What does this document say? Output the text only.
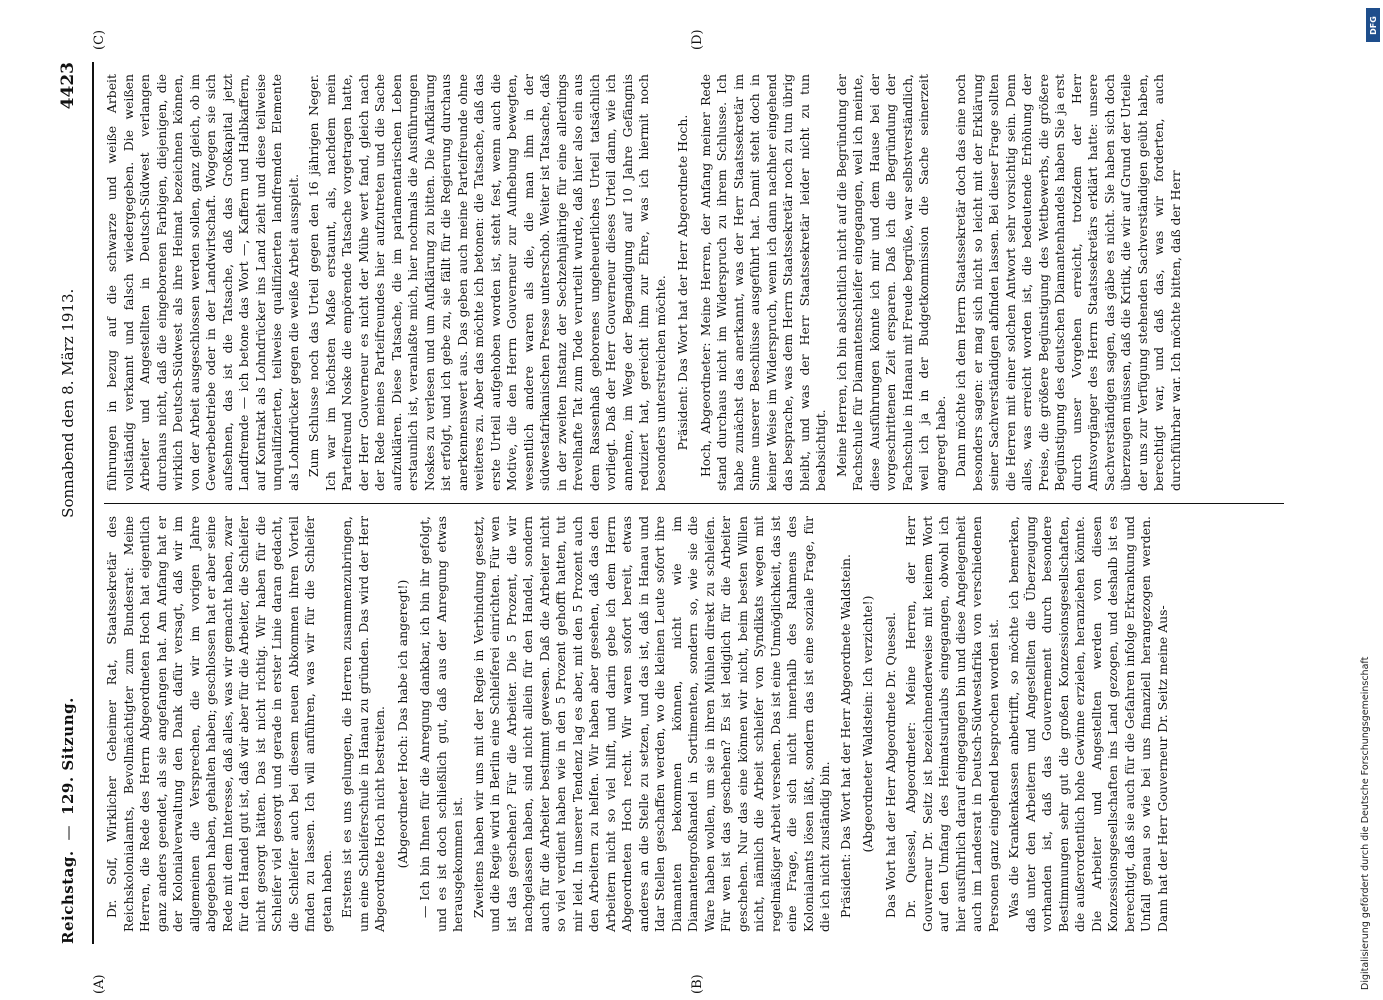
Reichstag.—129. Sitzung.
Sonnabend den 8. März 1913.
4423

Dr. Solf, Wirklicher Geheimer Rat, Staatssekretär des Reichskolonialamts, Bevollmächtigter zum Bundesrat: Meine Herren, die Rede des Herrn Abgeordneten Hoch hat eigentlich ganz anders geendet, als sie angefangen hat. Am Anfang hat er der Kolonialverwaltung den Dank dafür versagt, daß wir im allgemeinen die Versprechen, die wir im vorigen Jahre abgegeben haben, gehalten haben; geschlossen hat er aber seine Rede mit dem Interesse, daß alles, was wir gemacht haben, zwar für den Handel gut ist, daß wir aber für die Arbeiter, die Schleifer nicht gesorgt hätten. Das ist nicht richtig. Wir haben für die Schleifer viel gesorgt und gerade in erster Linie daran gedacht, die Schleifer auch bei diesem neuen Abkommen ihren Vorteil finden zu lassen. Ich will anführen, was wir für die Schleifer getan haben. Erstens ist es uns gelungen, die Herren zusammenzubringen, um eine Schleiferschule in Hanau zu gründen. Das wird der Herr Abgeordnete Hoch nicht bestreiten. (Abgeordneter Hoch: Das habe ich angeregt!) — Ich bin Ihnen für die Anregung dankbar, ich bin ihr gefolgt, und es ist doch schließlich gut, daß aus der Anregung etwas herausgekommen ist. Zweitens haben wir uns mit der Regie in Verbindung gesetzt, und die Regie wird in Berlin eine Schleiferei einrichten. Für wen ist das geschehen? Für die Arbeiter. Die 5 Prozent, die wir nachgelassen haben, sind nicht allein für den Handel, sondern auch für die Arbeiter bestimmt gewesen. Daß die Arbeiter nicht so viel verdient haben wie in den 5 Prozent gehofft hatten, tut mir leid. In unserer Tendenz lag es aber, mit den 5 Prozent auch den Arbeitern zu helfen. Wir haben aber gesehen, daß das den Arbeitern nicht so viel hilft, und darin gebe ich dem Herrn Abgeordneten Hoch recht. Wir waren sofort bereit, etwas anderes an die Stelle zu setzen, und das ist, daß in Hanau und Idar Stellen geschaffen werden, wo die kleinen Leute sofort ihre Diamanten bekommen können, nicht wie im Diamantengroßhandel in Sortimenten, sondern so, wie sie die Ware haben wollen, um sie in ihren Mühlen direkt zu schleifen. Für wen ist das geschehen? Es ist lediglich für die Arbeiter geschehen. Nur das eine können wir nicht, beim besten Willen nicht, nämlich die Arbeit schleifer von Syndikats wegen mit regelmäßiger Arbeit versehen. Das ist eine Unmöglichkeit, das ist eine Frage, die sich nicht innerhalb des Rahmens des Kolonialamts lösen läßt, sondern das ist eine soziale Frage, für die ich nicht zuständig bin. Präsident: Das Wort hat der Herr Abgeordnete Waldstein. (Abgeordneter Waldstein: Ich verzichte!) Das Wort hat der Herr Abgeordnete Dr. Quessel. Dr. Quessel, Abgeordneter: Meine Herren, der Herr Gouverneur Dr. Seitz ist bezeichnenderweise mit keinem Wort auf den Umfang des Heimatsurlaubs eingegangen, obwohl ich hier ausführlich darauf eingegangen bin und diese Angelegenheit auch im Landesrat in Deutsch-Südwestafrika von verschiedenen Personen ganz eingehend besprochen worden ist. Was die Krankenkassen anbetrifft, so möchte ich bemerken, daß unter den Arbeitern und Angestellten die Überzeugung vorhanden ist, daß das Gouvernement durch besondere Bestimmungen sehr gut die großen Konzessionsgesellschaften, die außerordentlich hohe Gewinne erzielen, heranziehen könnte. Die Arbeiter und Angestellten werden von diesen Konzessionsgesellschaften ins Land gezogen, und deshalb ist es berechtigt, daß sie auch für die Gefahren infolge Erkrankung und Unfall genau so wie bei uns finanziell herangezogen werden. Dann hat der Herr Gouverneur Dr. Seitz meine Aus-

führungen in bezug auf die schwarze und weiße Arbeit vollständig verkannt und falsch wiedergegeben. Die weißen Arbeiter und Angestellten in Deutsch-Südwest verlangen durchaus nicht, daß die eingeborenen Farbigen, diejenigen, die wirklich Deutsch-Südwest als ihre Heimat bezeichnen können, von der Arbeit ausgeschlossen werden sollen, ganz gleich, ob im Gewerbebetriebe oder in der Landwirtschaft. Wogegen sie sich aufsehnen, das ist die Tatsache, daß das Großkapital jetzt Landfremde — ich betone das Wort —, Kaffern und Halbkaffern, auf Kontrakt als Lohndrücker ins Land zieht und diese teilweise unqualifizierten, teilweise qualifizierten landfremden Elemente als Lohndrücker gegen die weiße Arbeit ausspielt. Zum Schlusse noch das Urteil gegen den 16 jährigen Neger. Ich war im höchsten Maße erstaunt, als, nachdem mein Parteifreund Noske die empörende Tatsache vorgetragen hatte, der Herr Gouverneur es nicht der Mühe wert fand, gleich nach der Rede meines Parteifreundes hier aufzutreten und die Sache aufzuklären. Diese Tatsache, die im parlamentarischen Leben erstaunlich ist, veranlaßte mich, hier nochmals die Ausführungen Noskes zu verlesen und um Aufklärung zu bitten. Die Aufklärung ist erfolgt, und ich gebe zu, sie fällt für die Regierung durchaus anerkennenswert aus. Das geben auch meine Parteifreunde ohne weiteres zu. Aber das möchte ich betonen: die Tatsache, daß das erste Urteil aufgehoben worden ist, steht fest, wenn auch die Motive, die den Herrn Gouverneur zur Aufhebung bewegten, wesentlich andere waren als die, die man ihm in der südwestafrikanischen Presse unterschob. Weiter ist Tatsache, daß in der zweiten Instanz der Sechzehnjährige für eine allerdings frevelhafte Tat zum Tode verurteilt wurde, daß hier also ein aus dem Rassenhaß geborenes ungeheuerliches Urteil tatsächlich vorliegt. Daß der Herr Gouverneur dieses Urteil dann, wie ich annehme, im Wege der Begnadigung auf 10 Jahre Gefängnis reduziert hat, gereicht ihm zur Ehre, was ich hiermit noch besonders unterstreichen möchte. Präsident: Das Wort hat der Herr Abgeordnete Hoch. Hoch, Abgeordneter: Meine Herren, der Anfang meiner Rede stand durchaus nicht im Widerspruch zu ihrem Schlusse. Ich habe zunächst das anerkannt, was der Herr Staatssekretär im Sinne unserer Beschlüsse ausgeführt hat. Damit steht doch in keiner Weise im Widerspruch, wenn ich dann nachher eingehend das besprache, was dem Herrn Staatssekretär noch zu tun übrig bleibt, und was der Herr Staatssekretär leider nicht zu tun beabsichtigt. Meine Herren, ich bin absichtlich nicht auf die Begründung der Fachschule für Diamantenschleifer eingegangen, weil ich meinte, diese Ausführungen könnte ich mir und dem Hause bei der vorgeschrittenen Zeit ersparen. Daß ich die Begründung der Fachschule in Hanau mit Freude begrüße, war selbstverständlich, weil ich ja in der Budgetkommission die Sache seinerzeit angeregt habe. Dann möchte ich dem Herrn Staatssekretär doch das eine noch besonders sagen: er mag sich nicht so leicht mit der Erklärung seiner Sachverständigen abfinden lassen. Bei dieser Frage sollten die Herren mit einer solchen Antwort sehr vorsichtig sein. Denn alles, was erreicht worden ist, die bedeutende Erhöhung der Preise, die größere Begünstigung des Wettbewerbs, die größere Begünstigung des deutschen Diamantenhandels haben Sie ja erst durch unser Vorgehen erreicht, trotzdem der Herr Amtsvorgänger des Herrn Staatssekretärs erklärt hatte: unsere Sachverständigen sagen, das gäbe es nicht. Sie haben sich doch überzeugen müssen, daß die Kritik, die wir auf Grund der Urteile der uns zur Verfügung stehenden Sachverständigen geübt haben, berechtigt war, und daß das, was wir forderten, auch durchführbar war. Ich möchte bitten, daß der Herr

(A)	(B)
(C)	(D)
Digitalisierung gefördert durch die Deutsche Forschungsgemeinschaft
DFG
